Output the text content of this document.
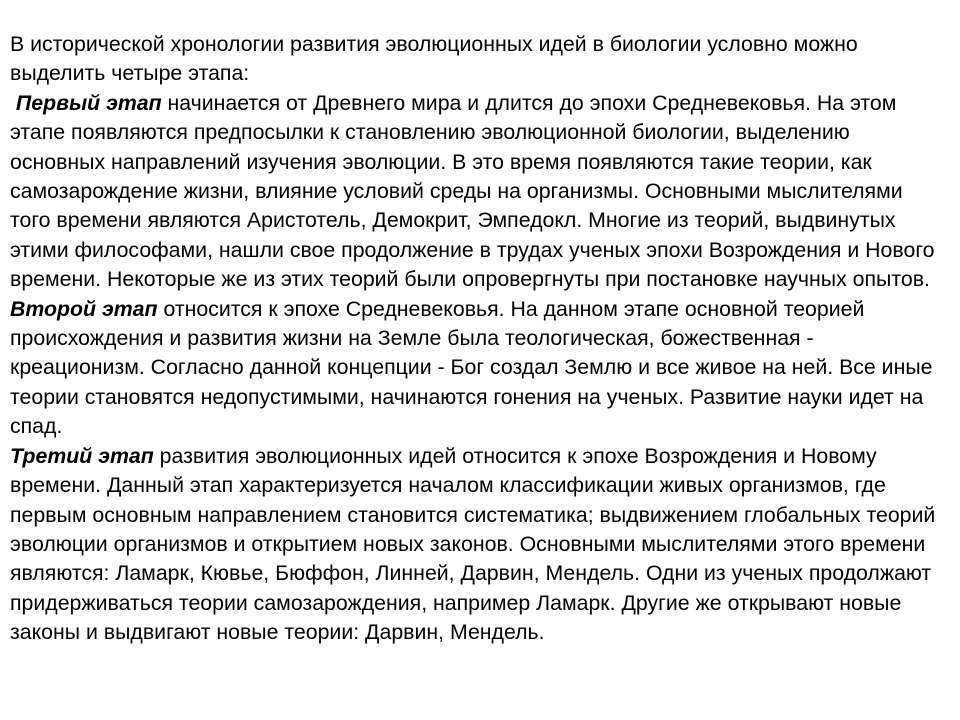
В исторической хронологии развития эволюционных идей в биологии условно можно выделить четыре этапа:

Первый этап начинается от Древнего мира и длится до эпохи Средневековья. На этом этапе появляются предпосылки к становлению эволюционной биологии, выделению основных направлений изучения эволюции. В это время появляются такие теории, как самозарождение жизни, влияние условий среды на организмы. Основными мыслителями того времени являются Аристотель, Демокрит, Эмпедокл. Многие из теорий, выдвинутых этими философами, нашли свое продолжение в трудах ученых эпохи Возрождения и Нового времени. Некоторые же из этих теорий были опровергнуты при постановке научных опытов.

Второй этап относится к эпохе Средневековья. На данном этапе основной теорией происхождения и развития жизни на Земле была теологическая, божественная - креационизм. Согласно данной концепции - Бог создал Землю и все живое на ней. Все иные теории становятся недопустимыми, начинаются гонения на ученых. Развитие науки идет на спад.

Третий этап развития эволюционных идей относится к эпохе Возрождения и Новому времени. Данный этап характеризуется началом классификации живых организмов, где первым основным направлением становится систематика; выдвижением глобальных теорий эволюции организмов и открытием новых законов. Основными мыслителями этого времени являются: Ламарк, Кювье, Бюффон, Линней, Дарвин, Мендель. Одни из ученых продолжают придерживаться теории самозарождения, например Ламарк. Другие же открывают новые законы и выдвигают новые теории: Дарвин, Мендель.
